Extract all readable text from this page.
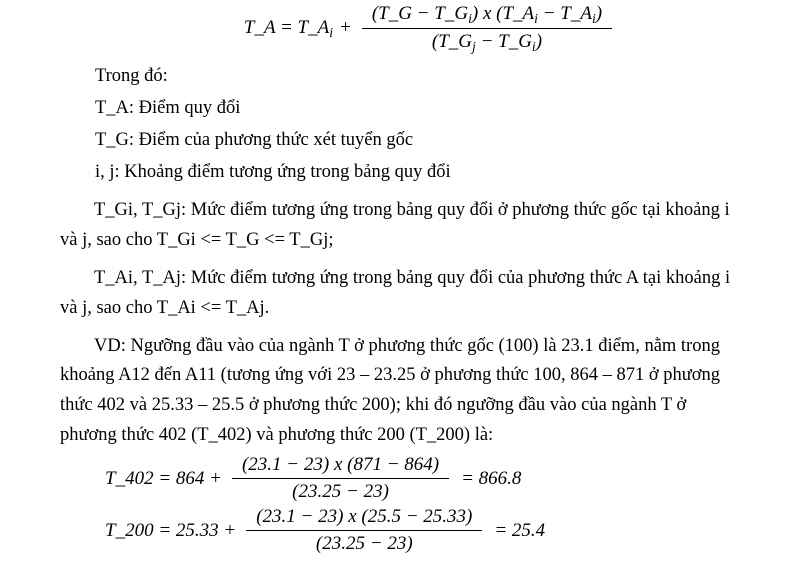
T_A = $T\_A_i + \frac{(T\_G - T\_G_i) x (T\_A_i - T\_A_i)}{(T\_G_j - T\_G_i)}$

Trong đó:

T_A: Điểm quy đổi

T_G: Điểm của phương thức xét tuyển gốc

i, j: Khoảng điểm tương ứng trong bảng quy đổi

T_Gi, T_Gj: Mức điểm tương ứng trong bảng quy đổi ở phương thức gốc tại khoảng i và j, sao cho T_Gi <= T_G <= T_Gj;
T_Ai, T_Aj: Mức điểm tương ứng trong bảng quy đổi của phương thức A tại khoảng i và j, sao cho T_Ai <= T_Aj.
VD: Ngưỡng đầu vào của ngành T ở phương thức gốc (100) là 23.1 điểm, nằm trong khoảng A12 đến A11 (tương ứng với 23 – 23.25 ở phương thức 100, 864 – 871 ở phương thức 402 và 25.33 – 25.5 ở phương thức 200); khi đó ngưỡng đầu vào của ngành T ở phương thức 402 (T_402) và phương thức 200 (T_200) là:
T_402 = $864 + \frac{(23.1 - 23) x (871 - 864)}{(23.25 - 23)} = 866.8$
T_200 = $25.33 + \frac{(23.1 - 23) x (25.5 - 25.33)}{(23.25 - 23)} = 25.4$
